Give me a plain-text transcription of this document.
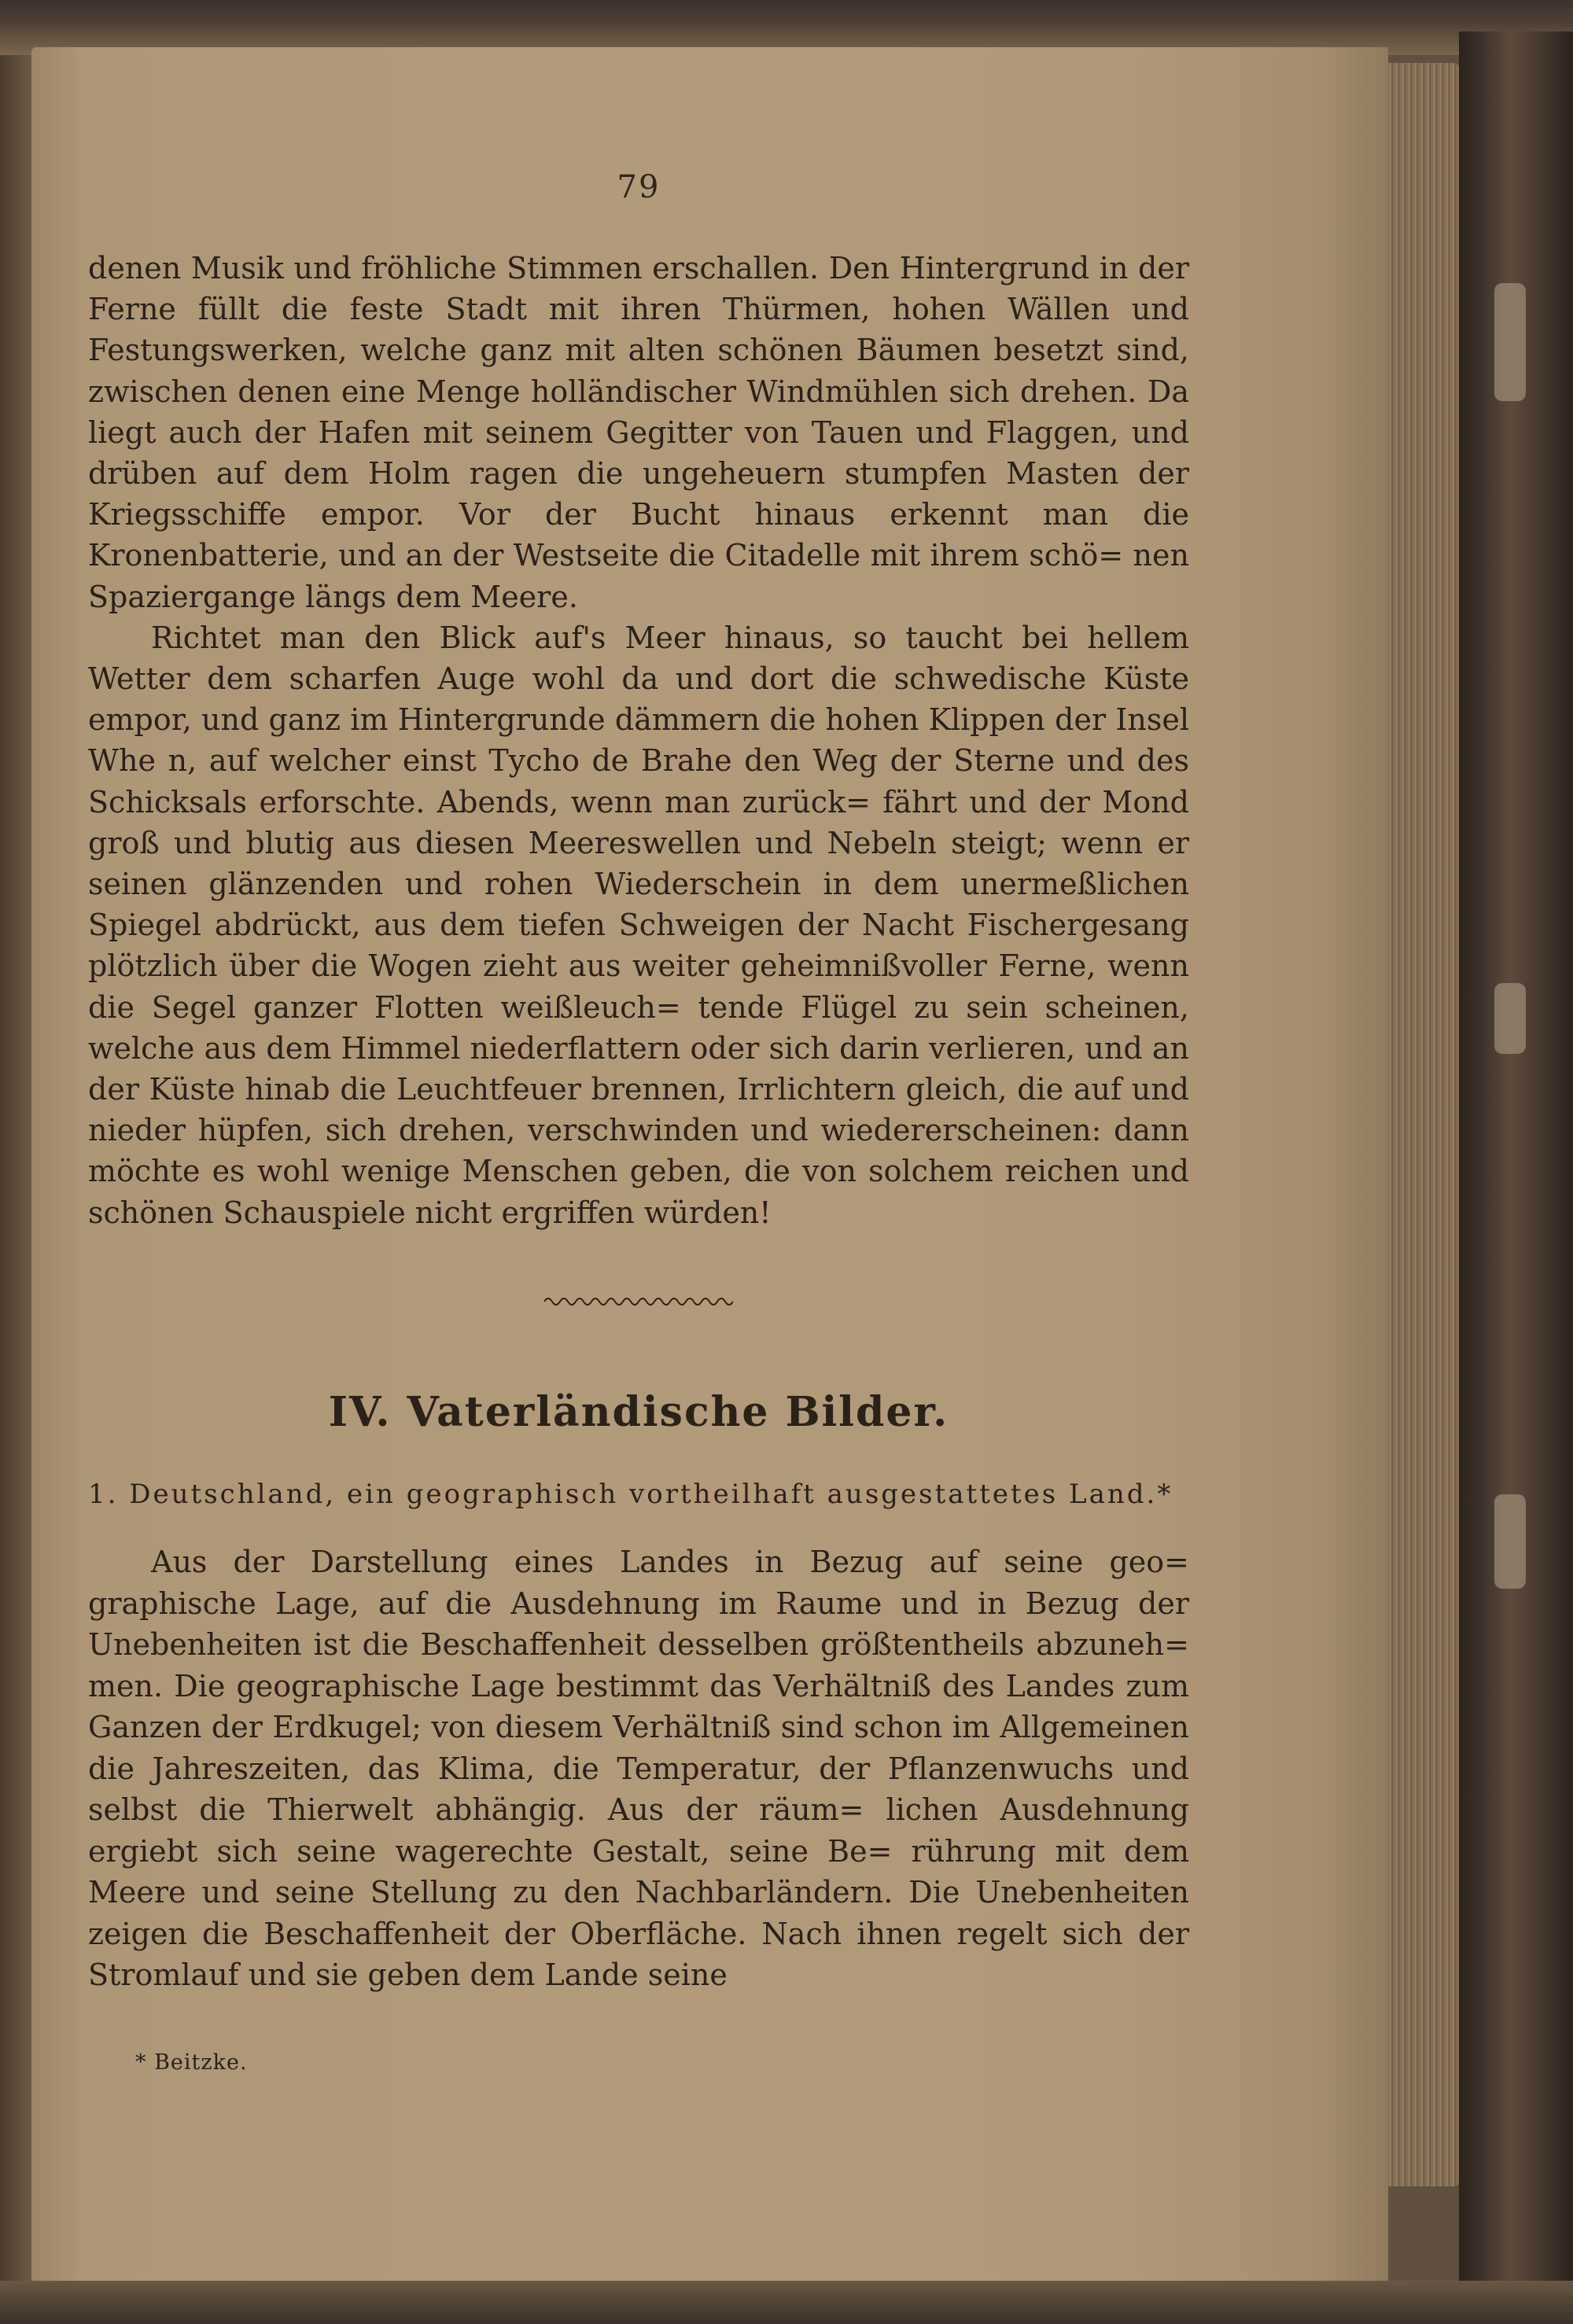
79

denen Musik und fröhliche Stimmen erschallen. Den Hintergrund in der Ferne füllt die feste Stadt mit ihren Thürmen, hohen Wällen und Festungswerken, welche ganz mit alten schönen Bäumen besetzt sind, zwischen denen eine Menge holländischer Windmühlen sich drehen. Da liegt auch der Hafen mit seinem Gegitter von Tauen und Flaggen, und drüben auf dem Holm ragen die ungeheuern stumpfen Masten der Kriegsschiffe empor. Vor der Bucht hinaus erkennt man die Kronenbatterie, und an der Westseite die Citadelle mit ihrem schö= nen Spaziergange längs dem Meere.

Richtet man den Blick auf's Meer hinaus, so taucht bei hellem Wetter dem scharfen Auge wohl da und dort die schwedische Küste empor, und ganz im Hintergrunde dämmern die hohen Klippen der Insel Whe n, auf welcher einst Tycho de Brahe den Weg der Sterne und des Schicksals erforschte. Abends, wenn man zurück= fährt und der Mond groß und blutig aus diesen Meereswellen und Nebeln steigt; wenn er seinen glänzenden und rohen Wiederschein in dem unermeßlichen Spiegel abdrückt, aus dem tiefen Schweigen der Nacht Fischergesang plötzlich über die Wogen zieht aus weiter geheimnißvoller Ferne, wenn die Segel ganzer Flotten weißleuch= tende Flügel zu sein scheinen, welche aus dem Himmel niederflattern oder sich darin verlieren, und an der Küste hinab die Leuchtfeuer brennen, Irrlichtern gleich, die auf und nieder hüpfen, sich drehen, verschwinden und wiedererscheinen: dann möchte es wohl wenige Menschen geben, die von solchem reichen und schönen Schauspiele nicht ergriffen würden!

IV. Vaterländische Bilder.
1. Deutschland, ein geographisch vortheilhaft ausgestattetes Land.*
Aus der Darstellung eines Landes in Bezug auf seine geo= graphische Lage, auf die Ausdehnung im Raume und in Bezug der Unebenheiten ist die Beschaffenheit desselben größtentheils abzuneh= men. Die geographische Lage bestimmt das Verhältniß des Landes zum Ganzen der Erdkugel; von diesem Verhältniß sind schon im Allgemeinen die Jahreszeiten, das Klima, die Temperatur, der Pflanzenwuchs und selbst die Thierwelt abhängig. Aus der räum= lichen Ausdehnung ergiebt sich seine wagerechte Gestalt, seine Be= rührung mit dem Meere und seine Stellung zu den Nachbarländern. Die Unebenheiten zeigen die Beschaffenheit der Oberfläche. Nach ihnen regelt sich der Stromlauf und sie geben dem Lande seine
* Beitzke.
